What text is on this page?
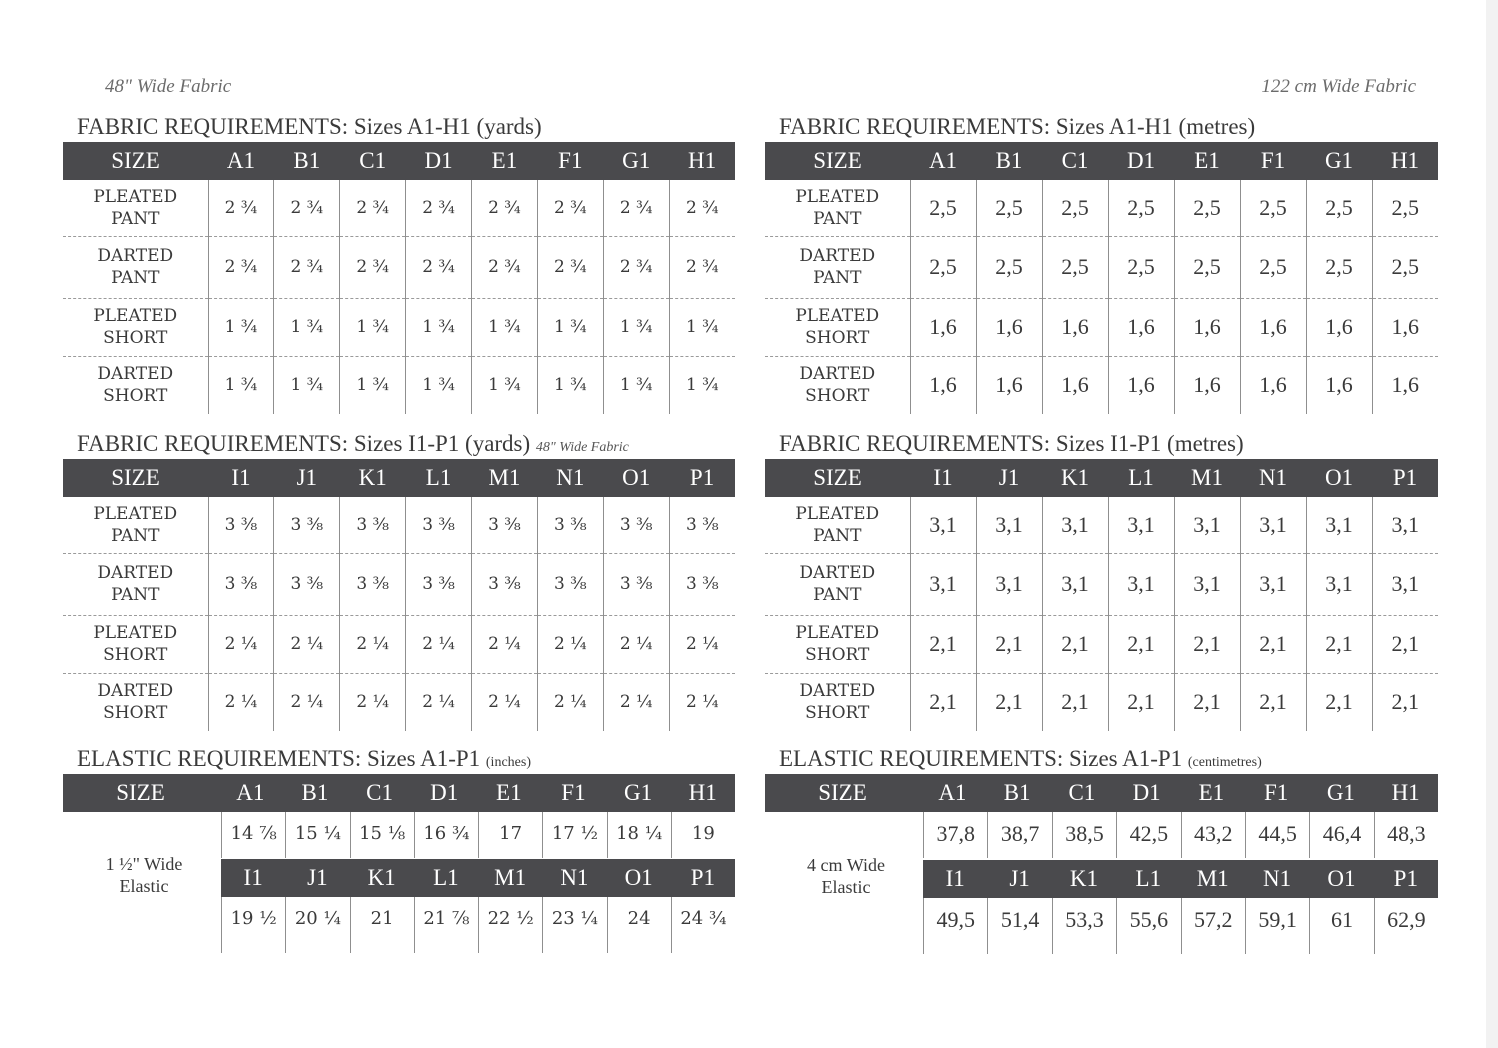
48" Wide Fabric
FABRIC REQUIREMENTS: Sizes A1-H1 (yards)
SIZE	A1	B1	C1	D1	E1	F1	G1	H1

PLEATED
PANT	2 ¾	2 ¾	2 ¾	2 ¾	2 ¾	2 ¾	2 ¾	2 ¾

DARTED
PANT	2 ¾	2 ¾	2 ¾	2 ¾	2 ¾	2 ¾	2 ¾	2 ¾

PLEATED
SHORT	1 ¾	1 ¾	1 ¾	1 ¾	1 ¾	1 ¾	1 ¾	1 ¾

DARTED
SHORT	1 ¾	1 ¾	1 ¾	1 ¾	1 ¾	1 ¾	1 ¾	1 ¾
FABRIC REQUIREMENTS: Sizes I1-P1 (yards) 48" Wide Fabric
SIZE	I1	J1	K1	L1	M1	N1	O1	P1

PLEATED
PANT	3 ⅜	3 ⅜	3 ⅜	3 ⅜	3 ⅜	3 ⅜	3 ⅜	3 ⅜

DARTED
PANT	3 ⅜	3 ⅜	3 ⅜	3 ⅜	3 ⅜	3 ⅜	3 ⅜	3 ⅜

PLEATED
SHORT	2 ¼	2 ¼	2 ¼	2 ¼	2 ¼	2 ¼	2 ¼	2 ¼

DARTED
SHORT	2 ¼	2 ¼	2 ¼	2 ¼	2 ¼	2 ¼	2 ¼	2 ¼
ELASTIC REQUIREMENTS: Sizes A1-P1 (inches)
SIZE	A1	B1	C1	D1	E1	F1	G1	H1
14 ⅞	15 ¼	15 ⅛	16 ¾	17	17 ½	18 ¼	19
I1	J1	K1	L1	M1	N1	O1	P1
19 ½	20 ¼	21	21 ⅞	22 ½	23 ¼	24	24 ¾
1 ½" Wide
Elastic
122 cm Wide Fabric
FABRIC REQUIREMENTS: Sizes A1-H1 (metres)
SIZE	A1	B1	C1	D1	E1	F1	G1	H1

PLEATED
PANT	2,5	2,5	2,5	2,5	2,5	2,5	2,5	2,5

DARTED
PANT	2,5	2,5	2,5	2,5	2,5	2,5	2,5	2,5

PLEATED
SHORT	1,6	1,6	1,6	1,6	1,6	1,6	1,6	1,6

DARTED
SHORT	1,6	1,6	1,6	1,6	1,6	1,6	1,6	1,6
FABRIC REQUIREMENTS: Sizes I1-P1 (metres)
SIZE	I1	J1	K1	L1	M1	N1	O1	P1

PLEATED
PANT	3,1	3,1	3,1	3,1	3,1	3,1	3,1	3,1

DARTED
PANT	3,1	3,1	3,1	3,1	3,1	3,1	3,1	3,1

PLEATED
SHORT	2,1	2,1	2,1	2,1	2,1	2,1	2,1	2,1

DARTED
SHORT	2,1	2,1	2,1	2,1	2,1	2,1	2,1	2,1
ELASTIC REQUIREMENTS: Sizes A1-P1 (centimetres)
SIZE	A1	B1	C1	D1	E1	F1	G1	H1
37,8	38,7	38,5	42,5	43,2	44,5	46,4	48,3
I1	J1	K1	L1	M1	N1	O1	P1
49,5	51,4	53,3	55,6	57,2	59,1	61	62,9
4 cm Wide
Elastic
